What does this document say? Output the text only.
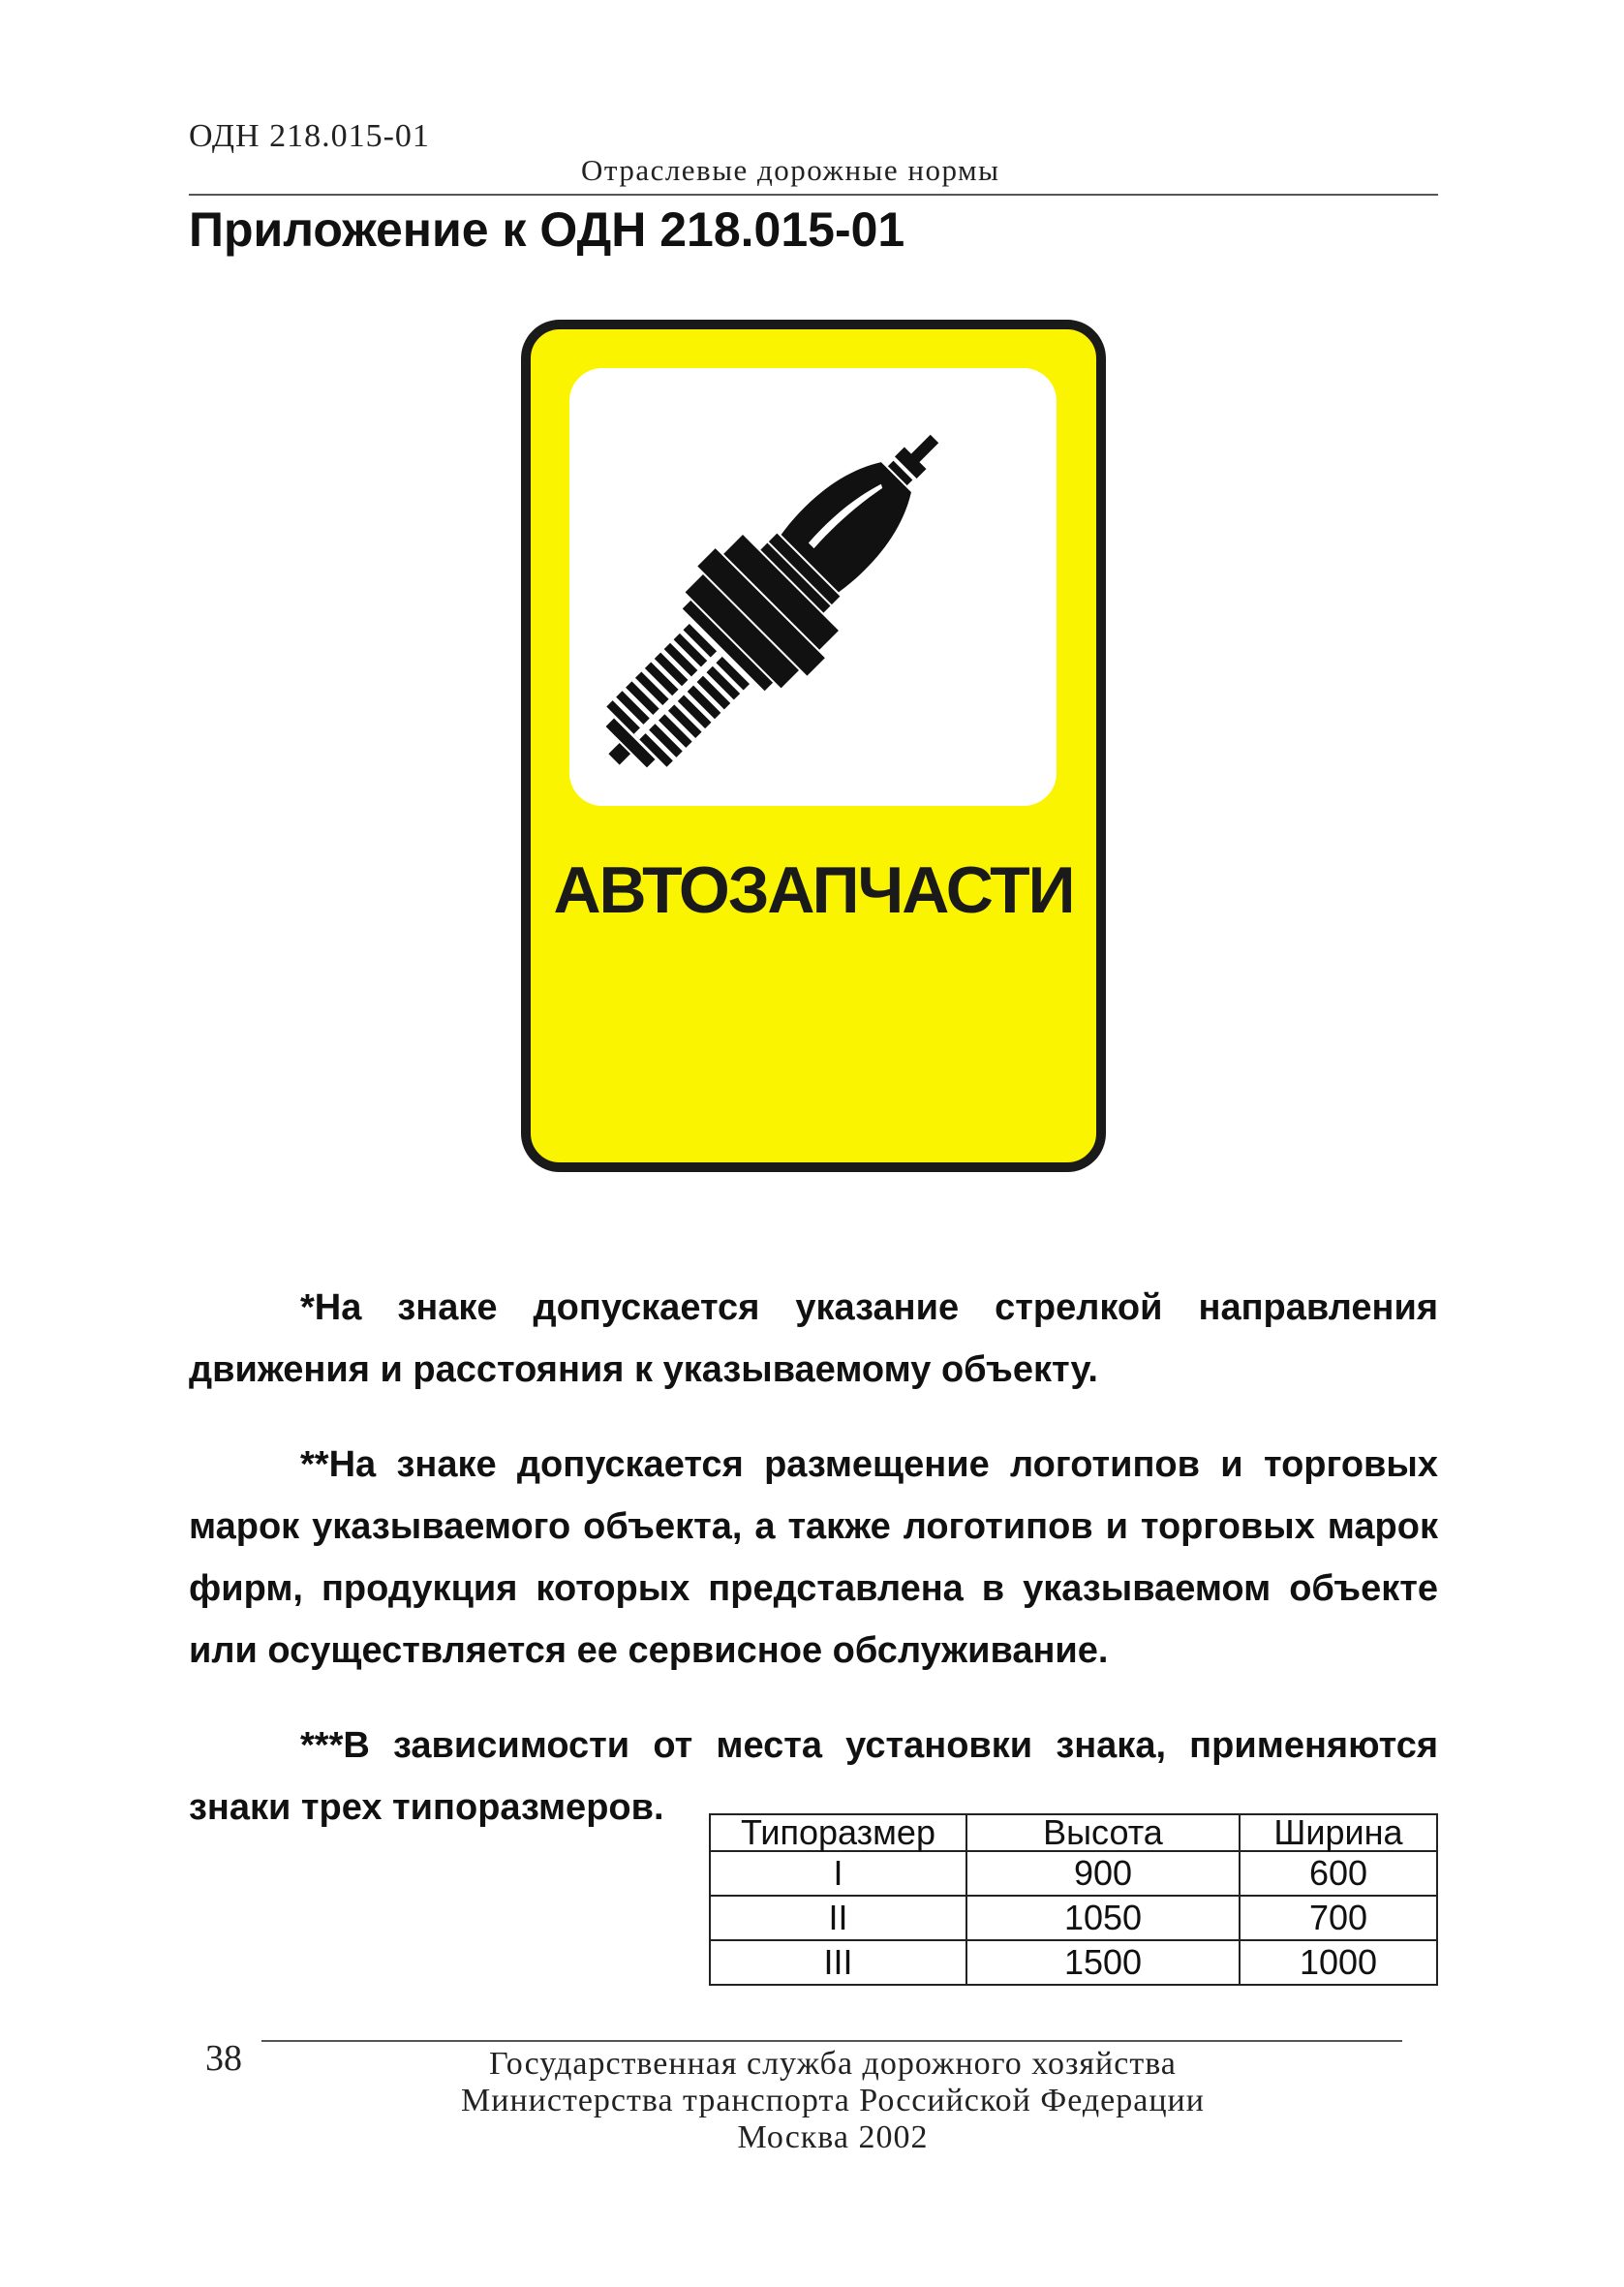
ОДН 218.015-01
Отраслевые дорожные нормы
Приложение к ОДН 218.015-01
АВТОЗАПЧАСТИ

*На знаке допускается указание стрелкой направления движения и расстояния к указываемому объекту.

**На знаке допускается размещение логотипов и торговых марок указываемого объекта, а также логотипов и торговых марок фирм, продукция которых представлена в указываемом объекте или осуществляется ее сервисное обслуживание.

***В зависимости от места установки знака, применяются знаки трех типоразмеров.

Типоразмер	Высота	Ширина
I	900	600
II	1050	700
III	1500	1000
38	Государственная служба дорожного хозяйства
Министерства транспорта Российской Федерации
Москва 2002
